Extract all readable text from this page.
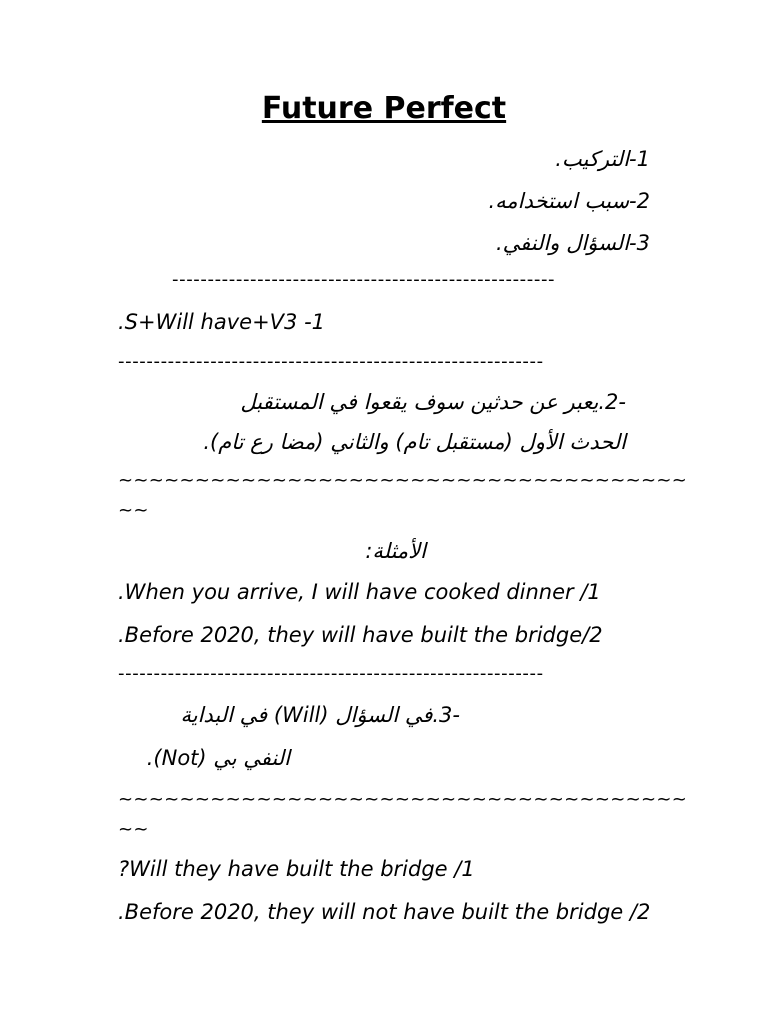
Future Perfect
1-التركيب.
2-سبب استخدامه.
3-السؤال والنفي.
------------------------------------------------------
.S+Will have+V3 -1
------------------------------------------------------------
-2.يعبر عن حدثين سوف يقعوا في المستقبل
الحدث الأول (مستقبل تام) والثاني (مضا رع تام).
~~~~~~~~~~~~~~~~~~~~~~~~~~~~~~~~~~~~~
~~
الأمثلة:
.When you arrive, I will have cooked dinner /1
.Before 2020, they will have built the bridge/2
------------------------------------------------------------
-3.في السؤال (Will) في البداية
النفي بي (Not).
~~~~~~~~~~~~~~~~~~~~~~~~~~~~~~~~~~~~~
~~
?Will they have built the bridge /1
.Before 2020, they will not have built the bridge /2
